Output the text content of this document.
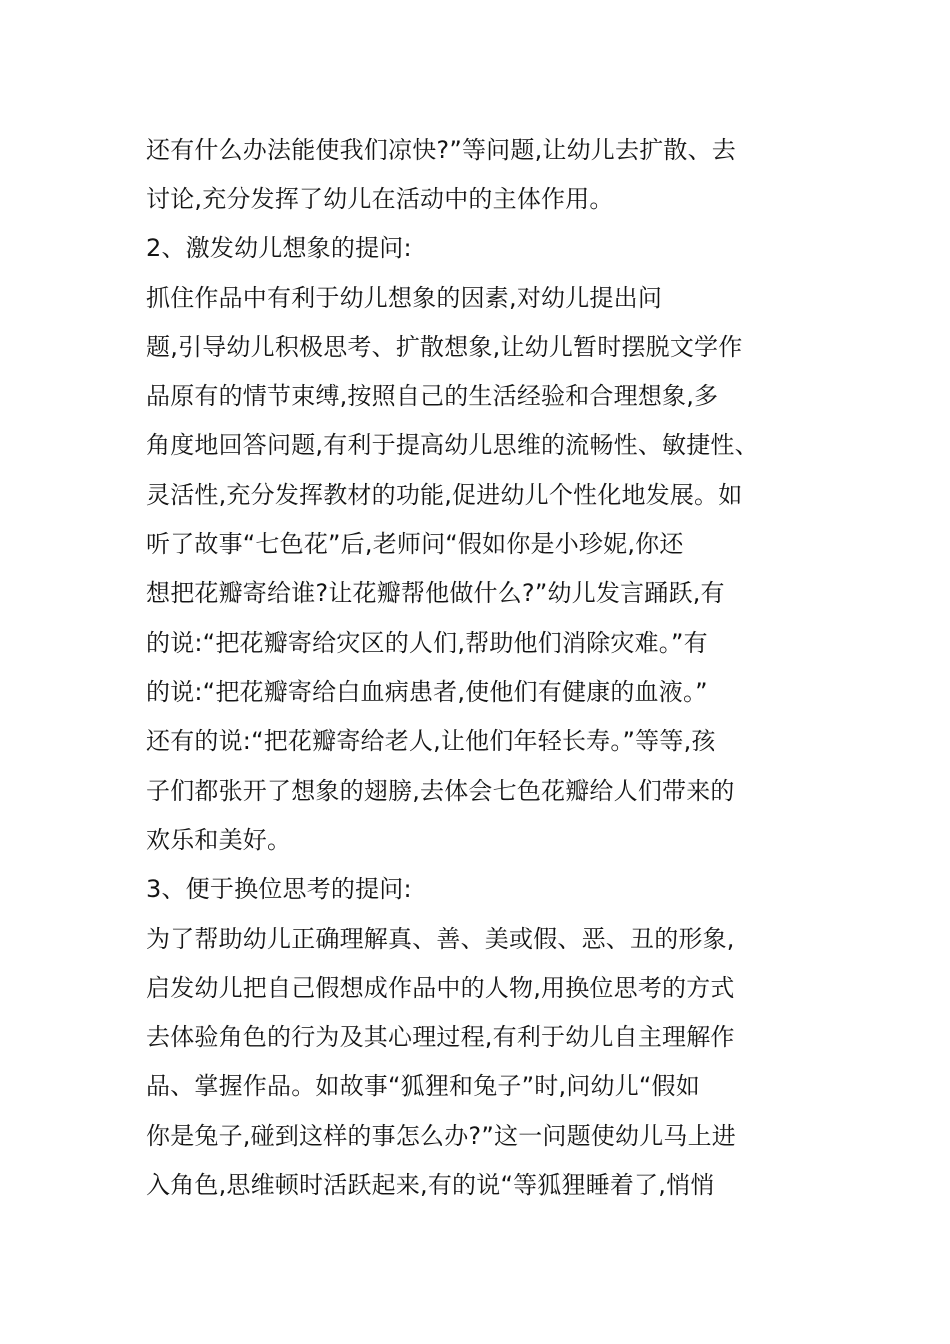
还有什么办法能使我们凉快?”等问题,让幼儿去扩散、去
讨论,充分发挥了幼儿在活动中的主体作用。
2、激发幼儿想象的提问:
抓住作品中有利于幼儿想象的因素,对幼儿提出问
题,引导幼儿积极思考、扩散想象,让幼儿暂时摆脱文学作
品原有的情节束缚,按照自己的生活经验和合理想象,多
角度地回答问题,有利于提高幼儿思维的流畅性、敏捷性、
灵活性,充分发挥教材的功能,促进幼儿个性化地发展。如
听了故事“七色花”后,老师问“假如你是小珍妮,你还
想把花瓣寄给谁?让花瓣帮他做什么?”幼儿发言踊跃,有
的说:“把花瓣寄给灾区的人们,帮助他们消除灾难。”有
的说:“把花瓣寄给白血病患者,使他们有健康的血液。”
还有的说:“把花瓣寄给老人,让他们年轻长寿。”等等,孩
子们都张开了想象的翅膀,去体会七色花瓣给人们带来的
欢乐和美好。
3、便于换位思考的提问:
为了帮助幼儿正确理解真、善、美或假、恶、丑的形象,
启发幼儿把自己假想成作品中的人物,用换位思考的方式
去体验角色的行为及其心理过程,有利于幼儿自主理解作
品、掌握作品。如故事“狐狸和兔子”时,问幼儿“假如
你是兔子,碰到这样的事怎么办?”这一问题使幼儿马上进
入角色,思维顿时活跃起来,有的说“等狐狸睡着了,悄悄
